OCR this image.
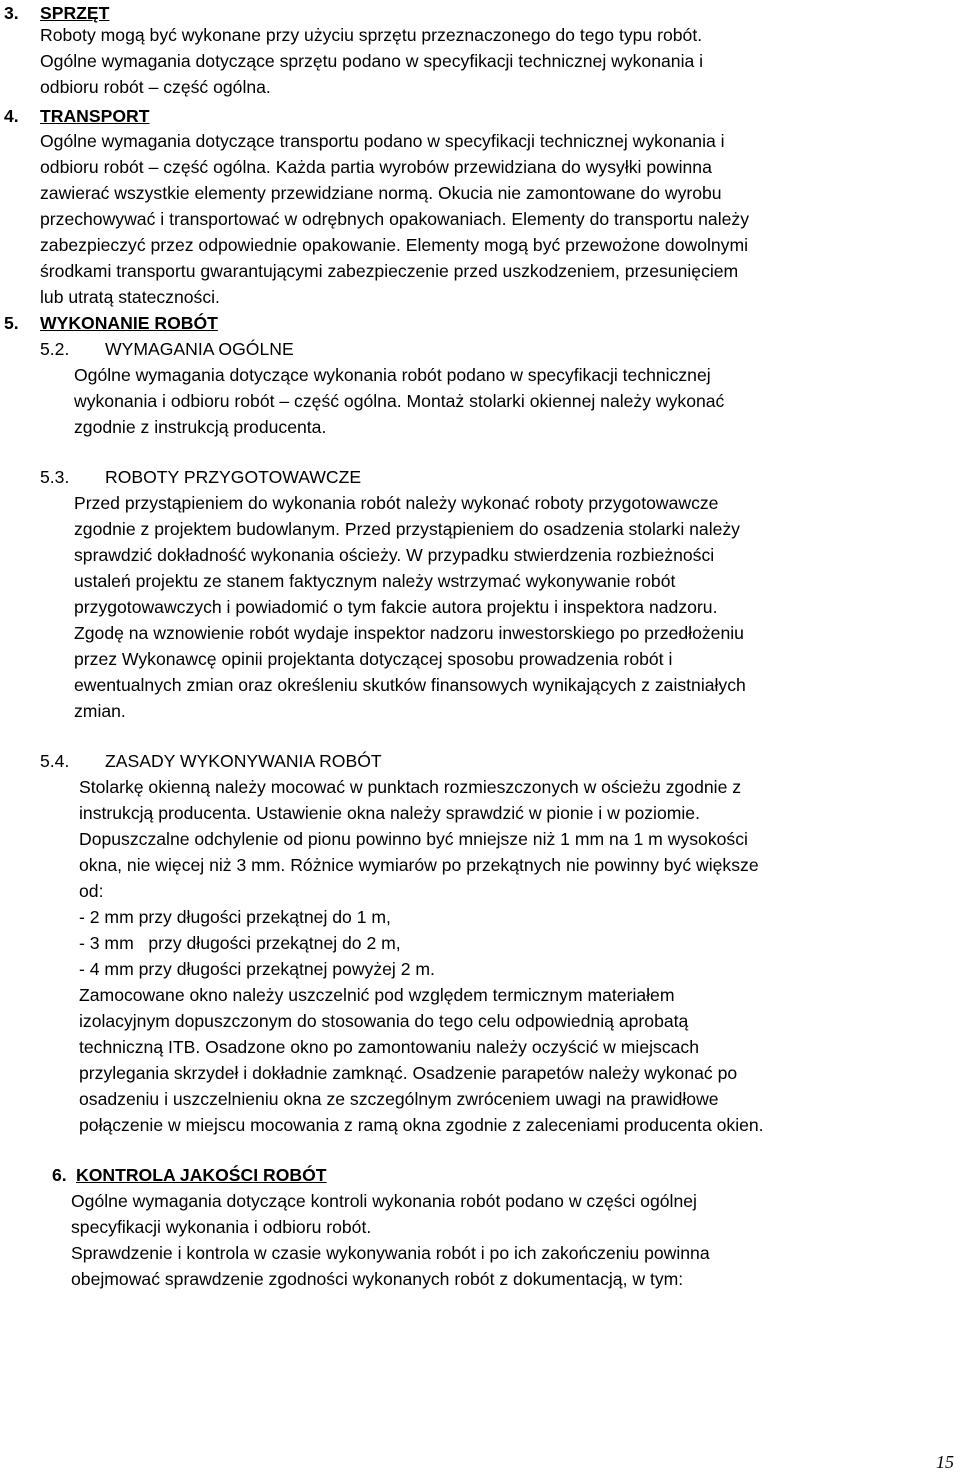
3. SPRZĘT
Roboty mogą być wykonane przy użyciu sprzętu przeznaczonego do tego typu robót.
Ogólne wymagania dotyczące sprzętu podano w specyfikacji technicznej wykonania i
odbioru robót – część ogólna.
4. TRANSPORT
Ogólne wymagania dotyczące transportu podano w specyfikacji technicznej wykonania i
odbioru robót – część ogólna. Każda partia wyrobów przewidziana do wysyłki powinna
zawierać wszystkie elementy przewidziane normą. Okucia nie zamontowane do wyrobu
przechowywać i transportować w odrębnych opakowaniach. Elementy do transportu należy
zabezpieczyć przez odpowiednie opakowanie. Elementy mogą być przewożone dowolnymi
środkami transportu gwarantującymi zabezpieczenie przed uszkodzeniem, przesunięciem
lub utratą stateczności.
5. WYKONANIE ROBÓT
5.2. WYMAGANIA OGÓLNE
Ogólne wymagania dotyczące wykonania robót podano w specyfikacji technicznej
wykonania i odbioru robót – część ogólna. Montaż stolarki okiennej należy wykonać
zgodnie z instrukcją producenta.
5.3. ROBOTY PRZYGOTOWAWCZE
Przed przystąpieniem do wykonania robót należy wykonać roboty przygotowawcze
zgodnie z projektem budowlanym. Przed przystąpieniem do osadzenia stolarki należy
sprawdzić dokładność wykonania ościeży. W przypadku stwierdzenia rozbieżności
ustaleń projektu ze stanem faktycznym należy wstrzymać wykonywanie robót
przygotowawczych i powiadomić o tym fakcie autora projektu i inspektora nadzoru.
Zgodę na wznowienie robót wydaje inspektor nadzoru inwestorskiego po przedłożeniu
przez Wykonawcę opinii projektanta dotyczącej sposobu prowadzenia robót i
ewentualnych zmian oraz określeniu skutków finansowych wynikających z zaistniałych
zmian.
5.4. ZASADY WYKONYWANIA ROBÓT
Stolarkę okienną należy mocować w punktach rozmieszczonych w ościeżu zgodnie z
instrukcją producenta. Ustawienie okna należy sprawdzić w pionie i w poziomie.
Dopuszczalne odchylenie od pionu powinno być mniejsze niż 1 mm na 1 m wysokości
okna, nie więcej niż 3 mm. Różnice wymiarów po przekątnych nie powinny być większe
od:
- 2 mm przy długości przekątnej do 1 m,
- 3 mm   przy długości przekątnej do 2 m,
- 4 mm przy długości przekątnej powyżej 2 m.
Zamocowane okno należy uszczelnić pod względem termicznym materiałem
izolacyjnym dopuszczonym do stosowania do tego celu odpowiednią aprobatą
techniczną ITB. Osadzone okno po zamontowaniu należy oczyścić w miejscach
przylegania skrzydeł i dokładnie zamknąć. Osadzenie parapetów należy wykonać po
osadzeniu i uszczelnieniu okna ze szczególnym zwróceniem uwagi na prawidłowe
połączenie w miejscu mocowania z ramą okna zgodnie z zaleceniami producenta okien.
6. KONTROLA JAKOŚCI ROBÓT
Ogólne wymagania dotyczące kontroli wykonania robót podano w części ogólnej
specyfikacji wykonania i odbioru robót.
Sprawdzenie i kontrola w czasie wykonywania robót i po ich zakończeniu powinna
obejmować sprawdzenie zgodności wykonanych robót z dokumentacją, w tym:
15
